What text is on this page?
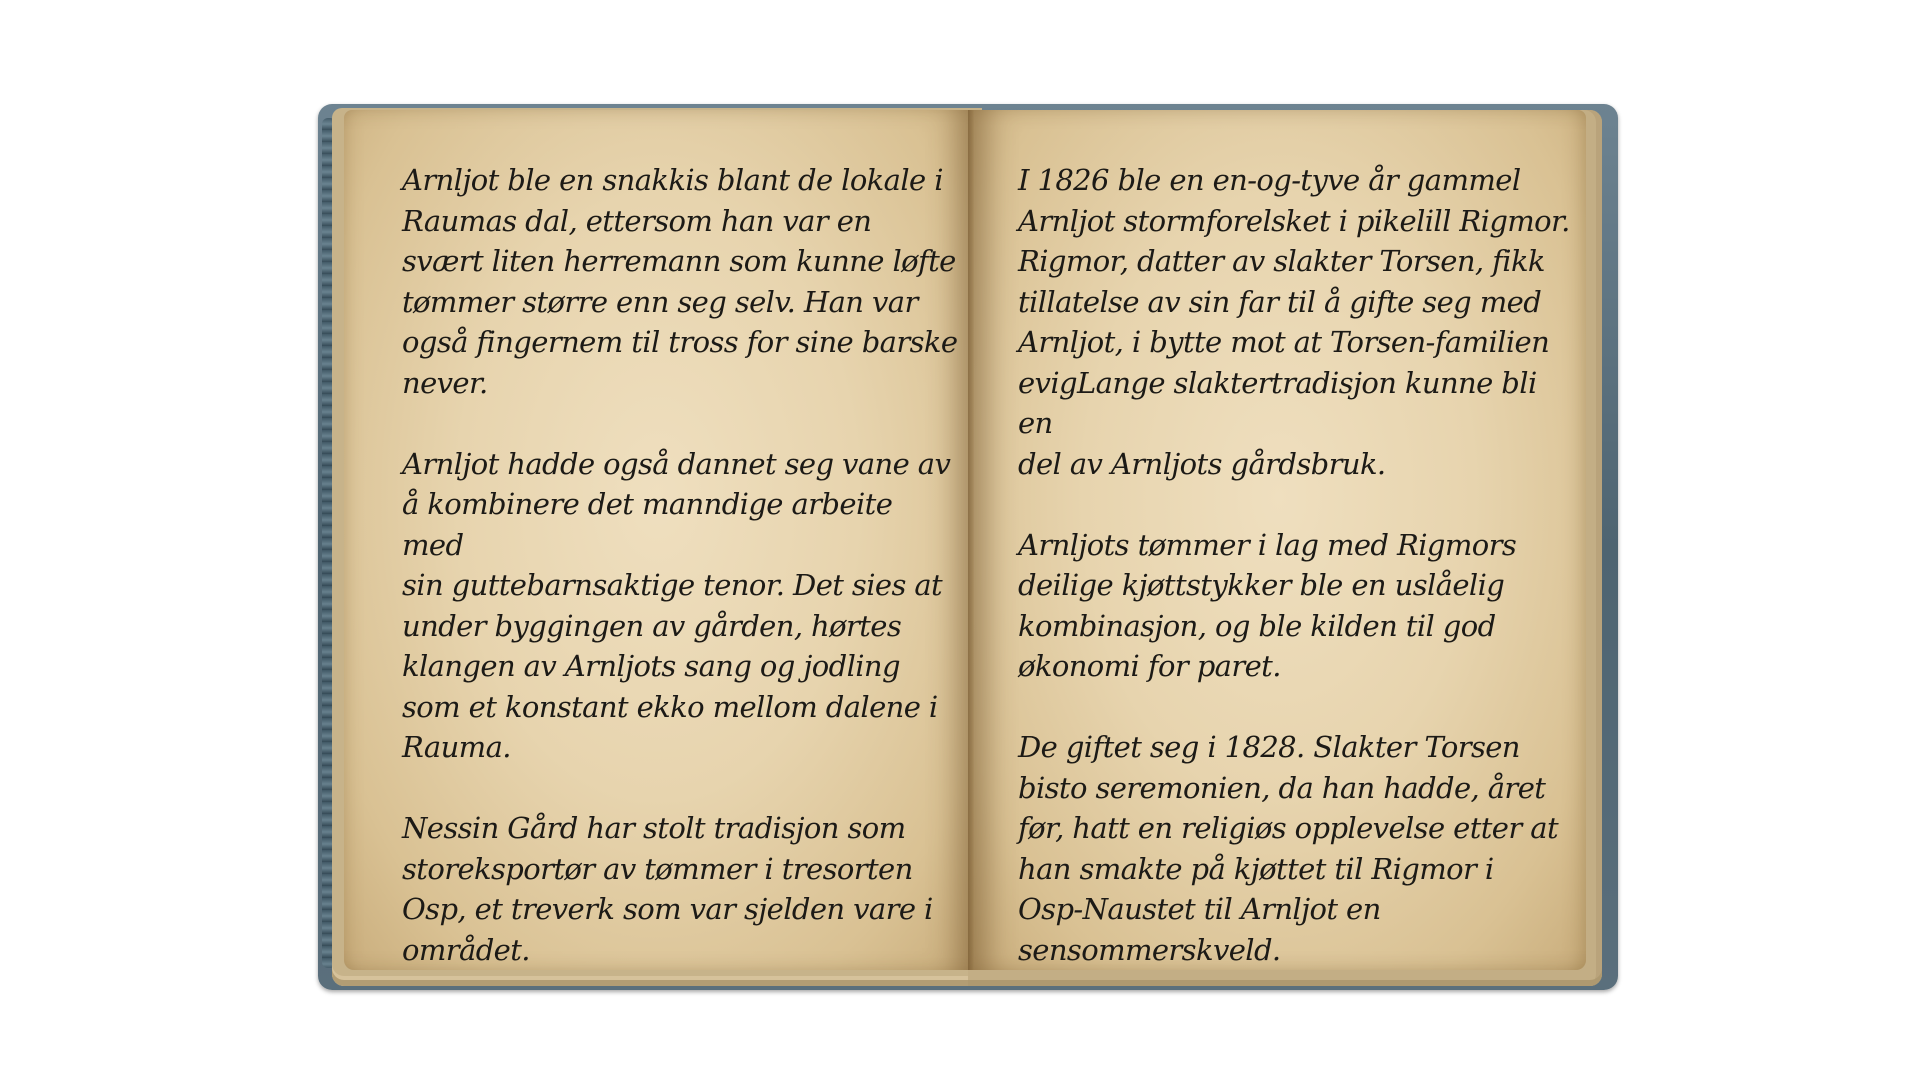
Arnljot ble en snakkis blant de lokale i
Raumas dal, ettersom han var en
svært liten herremann som kunne løfte
tømmer større enn seg selv. Han var
også fingernem til tross for sine barske
never.

Arnljot hadde også dannet seg vane av
å kombinere det manndige arbeite med
sin guttebarnsaktige tenor. Det sies at
under byggingen av gården, hørtes
klangen av Arnljots sang og jodling
som et konstant ekko mellom dalene i
Rauma.

Nessin Gård har stolt tradisjon som
storeksportør av tømmer i tresorten
Osp, et treverk som var sjelden vare i
området.

I 1826 ble en en-og-tyve år gammel
Arnljot stormforelsket i pikelill Rigmor.
Rigmor, datter av slakter Torsen, fikk
tillatelse av sin far til å gifte seg med
Arnljot, i bytte mot at Torsen-familien
evigLange slaktertradisjon kunne bli en
del av Arnljots gårdsbruk.

Arnljots tømmer i lag med Rigmors
deilige kjøttstykker ble en uslåelig
kombinasjon, og ble kilden til god
økonomi for paret.

De giftet seg i 1828. Slakter Torsen
bisto seremonien, da han hadde, året
før, hatt en religiøs opplevelse etter at
han smakte på kjøttet til Rigmor i
Osp-Naustet til Arnljot en
sensommerskveld.
